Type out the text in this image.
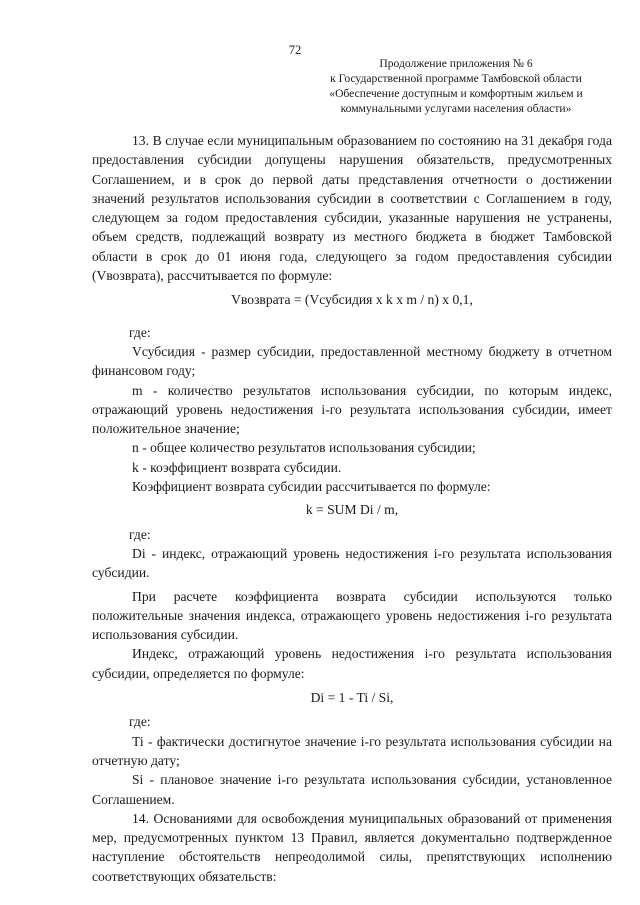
72
Продолжение приложения № 6
к Государственной программе Тамбовской области
«Обеспечение доступным и комфортным жильем и
коммунальными услугами населения области»

13. В случае если муниципальным образованием по состоянию на 31 декабря года предоставления субсидии допущены нарушения обязательств, предусмотренных Соглашением, и в срок до первой даты представления отчетности о достижении значений результатов использования субсидии в соответствии с Соглашением в году, следующем за годом предоставления субсидии, указанные нарушения не устранены, объем средств, подлежащий возврату из местного бюджета в бюджет Тамбовской области в срок до 01 июня года, следующего за годом предоставления субсидии (Vвозврата), рассчитывается по формуле:

Vвозврата = (Vсубсидия x k x m / n) x 0,1,

где:

Vсубсидия - размер субсидии, предоставленной местному бюджету в отчетном финансовом году;

m - количество результатов использования субсидии, по которым индекс, отражающий уровень недостижения i-го результата использования субсидии, имеет положительное значение;

n - общее количество результатов использования субсидии;

k - коэффициент возврата субсидии.

Коэффициент возврата субсидии рассчитывается по формуле:

k = SUM Di / m,

где:

Di - индекс, отражающий уровень недостижения i-го результата использования субсидии.

При расчете коэффициента возврата субсидии используются только положительные значения индекса, отражающего уровень недостижения i-го результата использования субсидии.

Индекс, отражающий уровень недостижения i-го результата использования субсидии, определяется по формуле:

Di = 1 - Ti / Si,

где:

Ti - фактически достигнутое значение i-го результата использования субсидии на отчетную дату;

Si - плановое значение i-го результата использования субсидии, установленное Соглашением.

14. Основаниями для освобождения муниципальных образований от применения мер, предусмотренных пунктом 13 Правил, является документально подтвержденное наступление обстоятельств непреодолимой силы, препятствующих исполнению соответствующих обязательств:
